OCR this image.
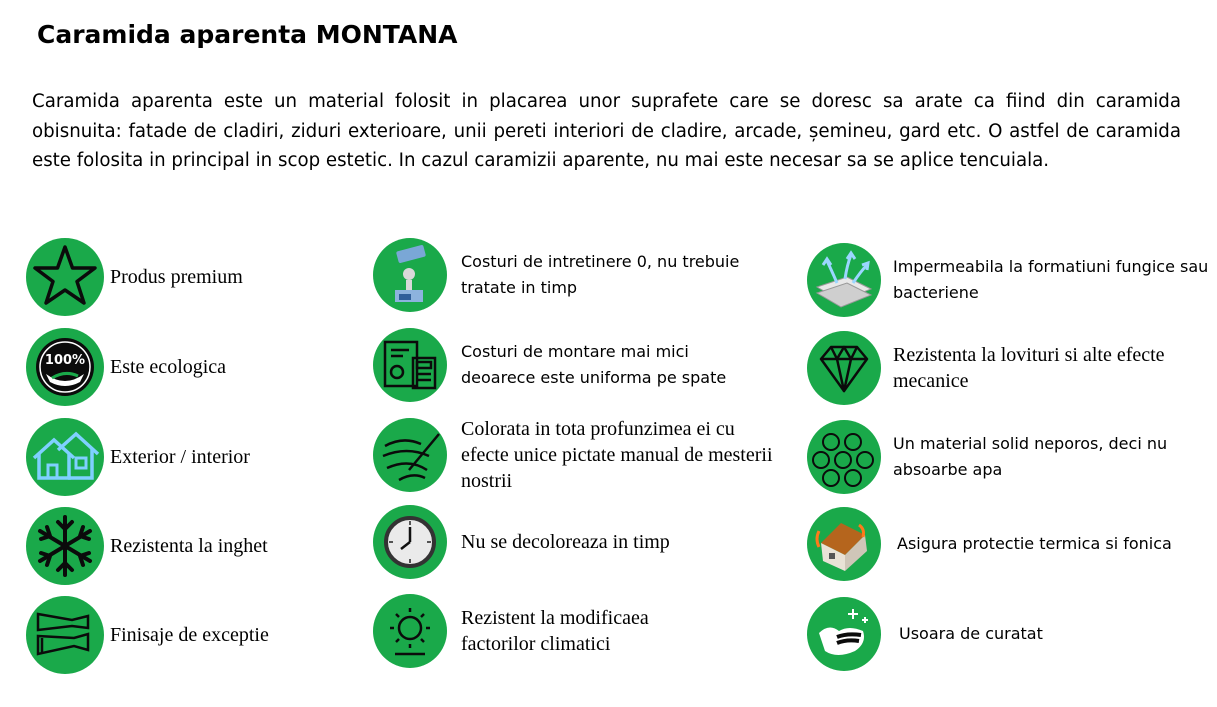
Caramida aparenta MONTANA
Caramida aparenta este un material folosit in placarea unor suprafete care se doresc sa arate ca fiind din caramida obisnuita: fatade de cladiri, ziduri exterioare, unii pereti interiori de cladire, arcade, șemineu, gard etc. O astfel de caramida este folosita in principal in scop estetic. In cazul caramizii aparente, nu mai este necesar sa se aplice tencuiala.
Produs premium
100% Este ecologica
Exterior / interior
Rezistenta la inghet
Finisaje de exceptie
Costuri de intretinere 0, nu trebuie tratate in timp
Costuri de montare mai mici deoarece este uniforma pe spate
Colorata in tota profunzimea ei cu efecte unice pictate manual de mesterii nostrii
Nu se decoloreaza in timp
Rezistent la modificaea factorilor climatici
Impermeabila la formatiuni fungice sau bacteriene
Rezistenta la lovituri si alte efecte mecanice
Un material solid neporos, deci nu absoarbe apa
Asigura protectie termica si fonica
Usoara de curatat
